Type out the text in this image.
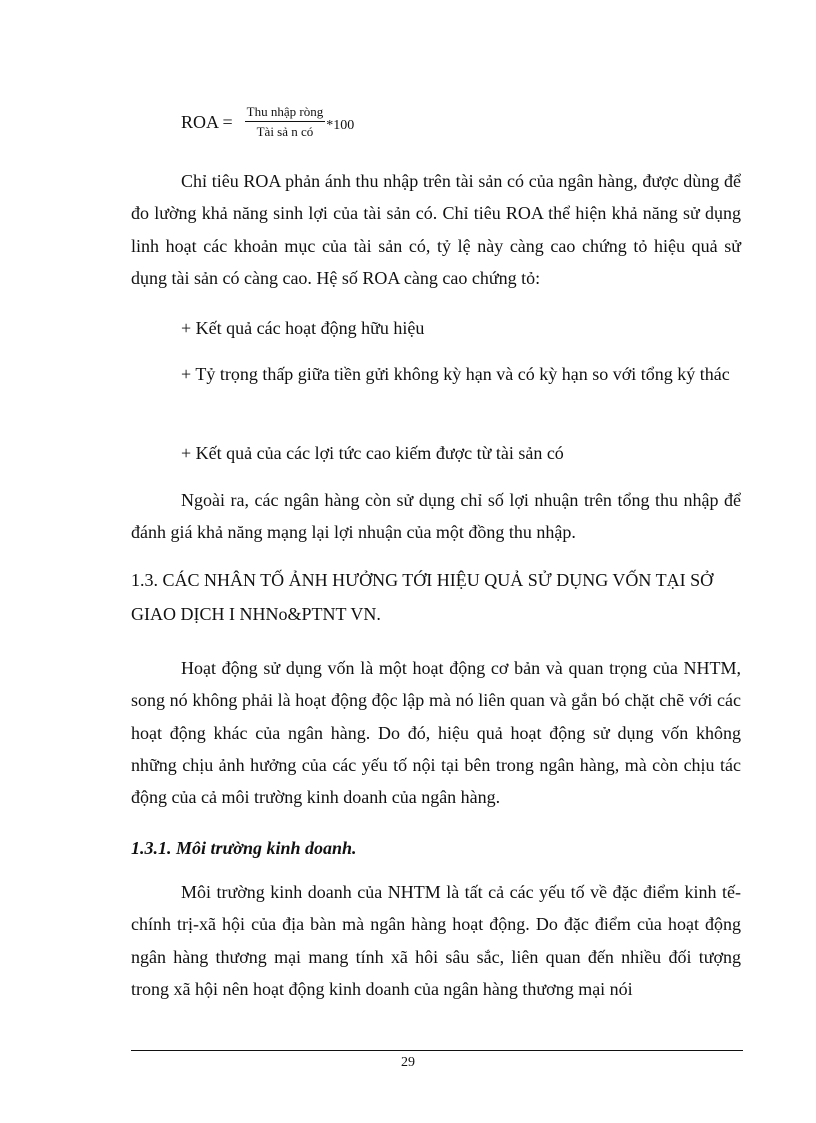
ROA = $\frac{\text{Thu nhập ròng}}{\text{Tài sả n có}} *100$

Chỉ tiêu ROA phản ánh thu nhập trên tài sản có của ngân hàng, được dùng để đo lường khả năng sinh lợi của tài sản có. Chỉ tiêu ROA thể hiện khả năng sử dụng linh hoạt các khoản mục của tài sản có, tỷ lệ này càng cao chứng tỏ hiệu quả sử dụng tài sản có càng cao. Hệ số ROA càng cao chứng tỏ:

+ Kết quả các hoạt động hữu hiệu

+ Tỷ trọng thấp giữa tiền gửi không kỳ hạn và có kỳ hạn so với tổng ký thác

+ Kết quả của các lợi tức cao kiếm được từ tài sản có

Ngoài ra, các ngân hàng còn sử dụng chỉ số lợi nhuận trên tổng thu nhập để đánh giá khả năng mạng lại lợi nhuận của một đồng thu nhập.

1.3. CÁC NHÂN TỐ ẢNH HƯỞNG TỚI HIỆU QUẢ SỬ DỤNG VỐN TẠI SỞ GIAO DỊCH I NHNo&PTNT VN.

Hoạt động sử dụng vốn là một hoạt động cơ bản và quan trọng của NHTM, song nó không phải là hoạt động độc lập mà nó liên quan và gắn bó chặt chẽ với các hoạt động khác của ngân hàng. Do đó, hiệu quả hoạt động sử dụng vốn không những chịu ảnh hưởng của các yếu tố nội tại bên trong ngân hàng, mà còn chịu tác động của cả môi trường kinh doanh của ngân hàng.

1.3.1. Môi trường kinh doanh.

Môi trường kinh doanh của NHTM là tất cả các yếu tố về đặc điểm kinh tế-chính trị-xã hội của địa bàn mà ngân hàng hoạt động. Do đặc điểm của hoạt động ngân hàng thương mại mang tính xã hôi sâu sắc, liên quan đến nhiều đối tượng trong xã hội nên hoạt động kinh doanh của ngân hàng thương mại nói

29
